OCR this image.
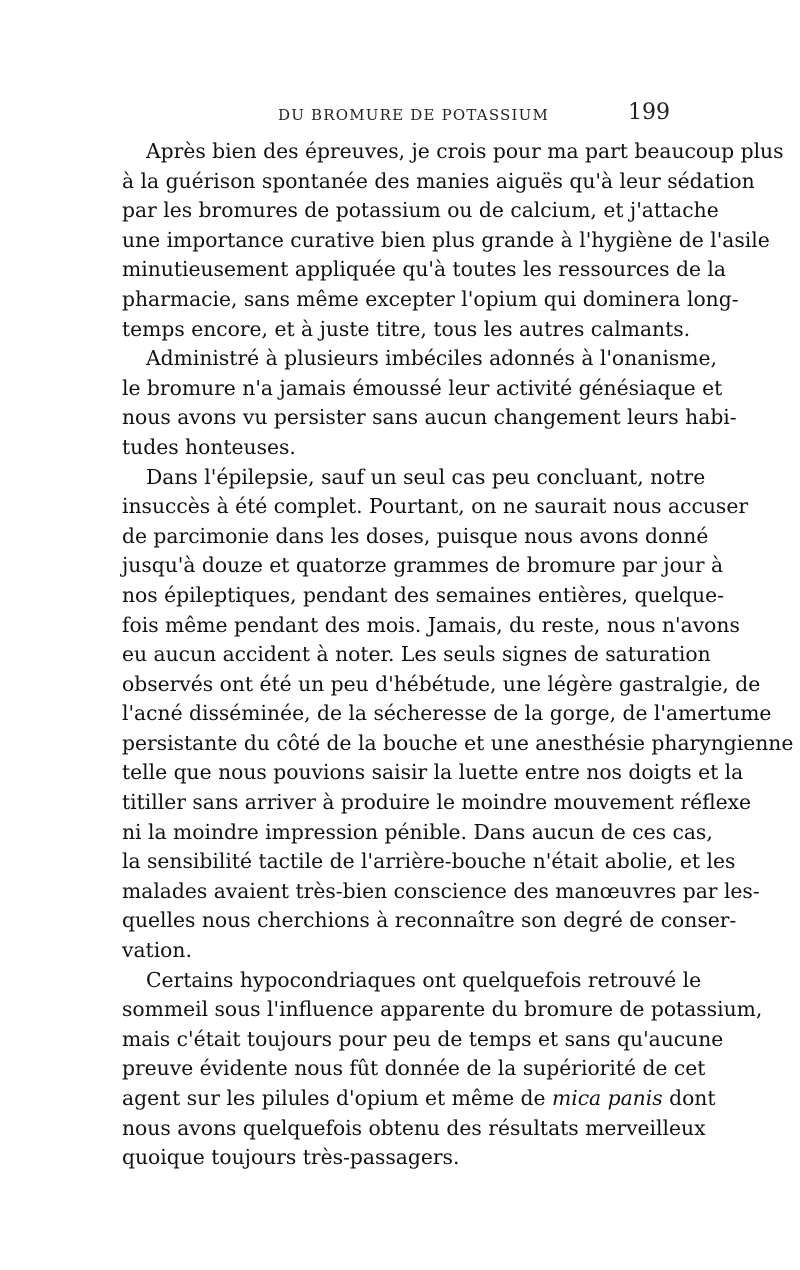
DU BROMURE DE POTASSIUM	199
Après bien des épreuves, je crois pour ma part beaucoup plus
à la guérison spontanée des manies aiguës qu'à leur sédation
par les bromures de potassium ou de calcium, et j'attache
une importance curative bien plus grande à l'hygiène de l'asile
minutieusement appliquée qu'à toutes les ressources de la
pharmacie, sans même excepter l'opium qui dominera long-
temps encore, et à juste titre, tous les autres calmants.
Administré à plusieurs imbéciles adonnés à l'onanisme,
le bromure n'a jamais émoussé leur activité génésiaque et
nous avons vu persister sans aucun changement leurs habi-
tudes honteuses.
Dans l'épilepsie, sauf un seul cas peu concluant, notre
insuccès à été complet. Pourtant, on ne saurait nous accuser
de parcimonie dans les doses, puisque nous avons donné
jusqu'à douze et quatorze grammes de bromure par jour à
nos épileptiques, pendant des semaines entières, quelque-
fois même pendant des mois. Jamais, du reste, nous n'avons
eu aucun accident à noter. Les seuls signes de saturation
observés ont été un peu d'hébétude, une légère gastralgie, de
l'acné disséminée, de la sécheresse de la gorge, de l'amertume
persistante du côté de la bouche et une anesthésie pharyngienne
telle que nous pouvions saisir la luette entre nos doigts et la
titiller sans arriver à produire le moindre mouvement réflexe
ni la moindre impression pénible. Dans aucun de ces cas,
la sensibilité tactile de l'arrière-bouche n'était abolie, et les
malades avaient très-bien conscience des manœuvres par les-
quelles nous cherchions à reconnaître son degré de conser-
vation.
Certains hypocondriaques ont quelquefois retrouvé le
sommeil sous l'influence apparente du bromure de potassium,
mais c'était toujours pour peu de temps et sans qu'aucune
preuve évidente nous fût donnée de la supériorité de cet
agent sur les pilules d'opium et même de mica panis dont
nous avons quelquefois obtenu des résultats merveilleux
quoique toujours très-passagers.
